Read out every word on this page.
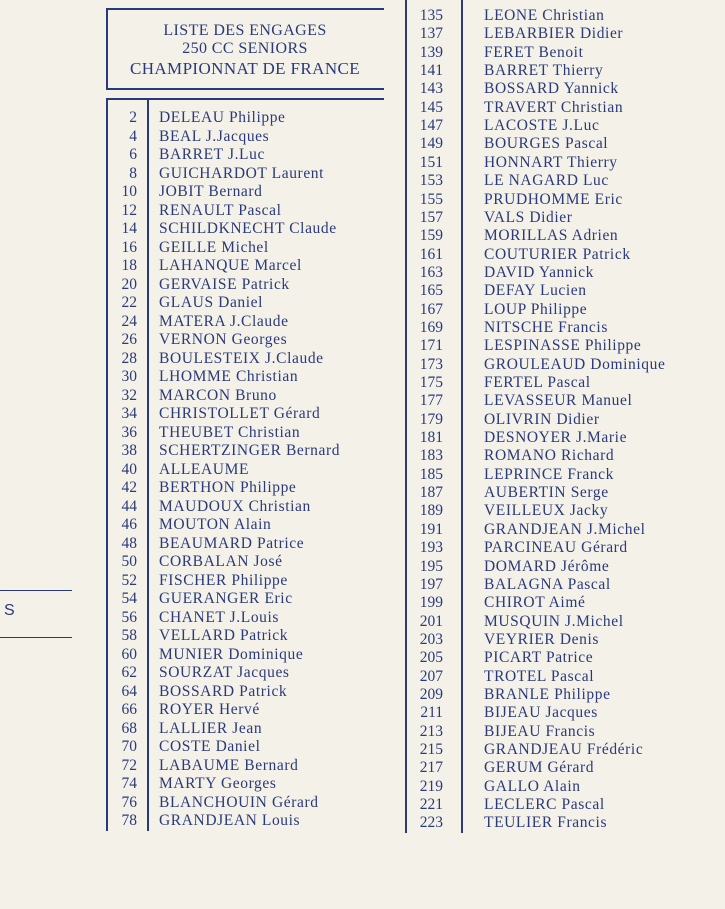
S
LISTE DES ENGAGES
250 CC SENIORS
CHAMPIONNAT DE FRANCE
2 DELEAU Philippe
4 BEAL J.Jacques
6 BARRET J.Luc
8 GUICHARDOT Laurent
10 JOBIT Bernard
12 RENAULT Pascal
14 SCHILDKNECHT Claude
16 GEILLE Michel
18 LAHANQUE Marcel
20 GERVAISE Patrick
22 GLAUS Daniel
24 MATERA J.Claude
26 VERNON Georges
28 BOULESTEIX J.Claude
30 LHOMME Christian
32 MARCON Bruno
34 CHRISTOLLET Gérard
36 THEUBET Christian
38 SCHERTZINGER Bernard
40 ALLEAUME
42 BERTHON Philippe
44 MAUDOUX Christian
46 MOUTON Alain
48 BEAUMARD Patrice
50 CORBALAN José
52 FISCHER Philippe
54 GUERANGER Eric
56 CHANET J.Louis
58 VELLARD Patrick
60 MUNIER Dominique
62 SOURZAT Jacques
64 BOSSARD Patrick
66 ROYER Hervé
68 LALLIER Jean
70 COSTE Daniel
72 LABAUME Bernard
74 MARTY Georges
76 BLANCHOUIN Gérard
78 GRANDJEAN Louis
135	LEONE Christian
137	LEBARBIER Didier
139	FERET Benoit
141	BARRET Thierry
143	BOSSARD Yannick
145	TRAVERT Christian
147	LACOSTE J.Luc
149	BOURGES Pascal
151	HONNART Thierry
153	LE NAGARD Luc
155	PRUDHOMME Eric
157	VALS Didier
159	MORILLAS Adrien
161	COUTURIER Patrick
163	DAVID Yannick
165	DEFAY Lucien
167	LOUP Philippe
169	NITSCHE Francis
171	LESPINASSE Philippe
173	GROULEAUD Dominique
175	FERTEL Pascal
177	LEVASSEUR Manuel
179	OLIVRIN Didier
181	DESNOYER J.Marie
183	ROMANO Richard
185	LEPRINCE Franck
187	AUBERTIN Serge
189	VEILLEUX Jacky
191	GRANDJEAN J.Michel
193	PARCINEAU Gérard
195	DOMARD Jérôme
197	BALAGNA Pascal
199	CHIROT Aimé
201	MUSQUIN J.Michel
203	VEYRIER Denis
205	PICART Patrice
207	TROTEL Pascal
209	BRANLE Philippe
211	BIJEAU Jacques
213	BIJEAU Francis
215	GRANDJEAU Frédéric
217	GERUM Gérard
219	GALLO Alain
221	LECLERC Pascal
223	TEULIER Francis
